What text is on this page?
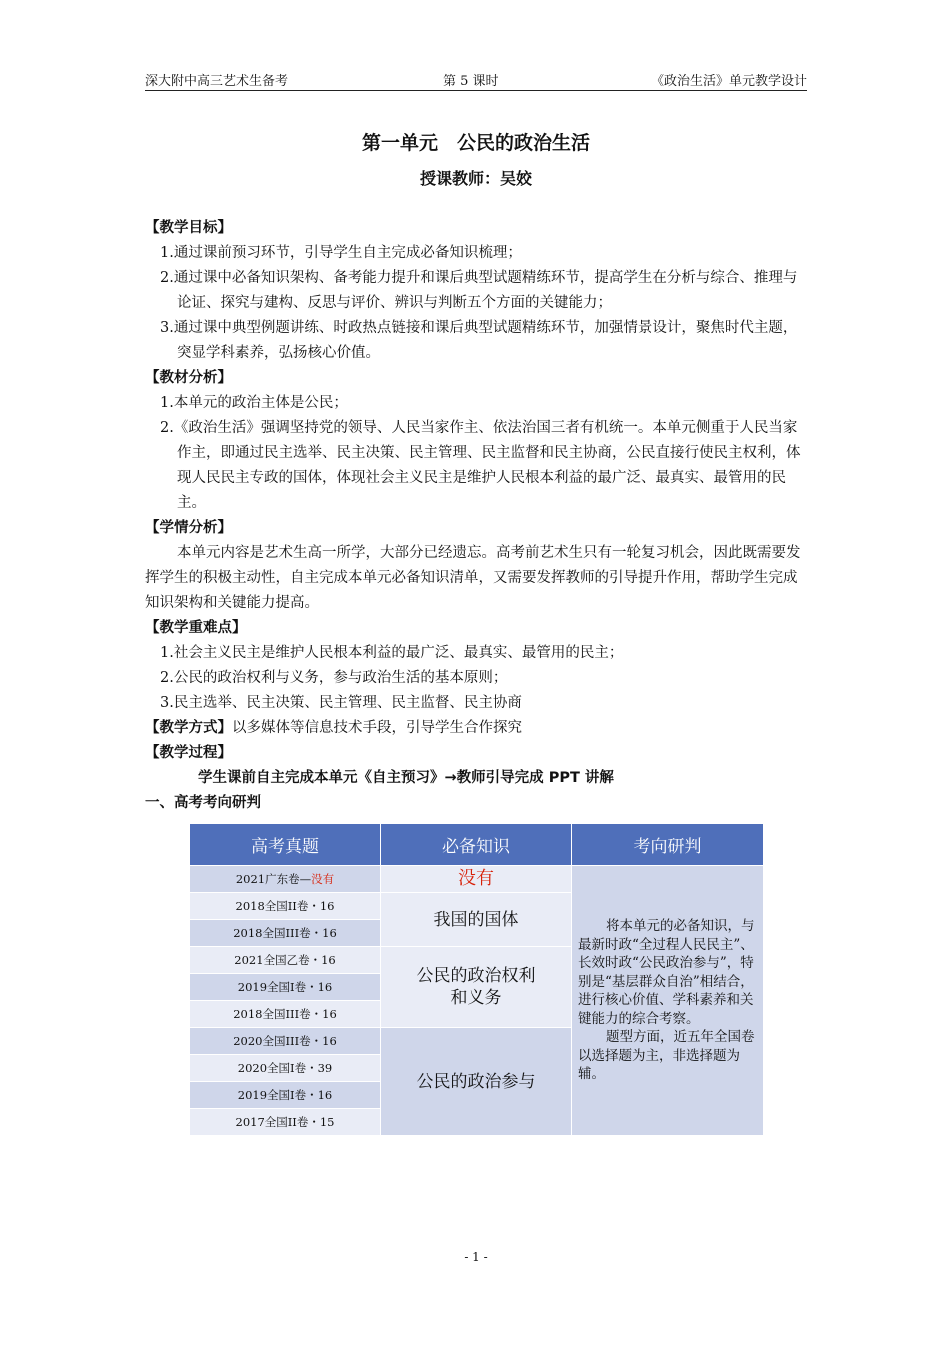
深大附中高三艺术生备考	第 5 课时	《政治生活》单元教学设计
第一单元　公民的政治生活
授课教师：吴姣

【教学目标】

1.通过课前预习环节，引导学生自主完成必备知识梳理；

2.通过课中必备知识架构、备考能力提升和课后典型试题精练环节，提高学生在分析与综合、推理与论证、探究与建构、反思与评价、辨识与判断五个方面的关键能力；

3.通过课中典型例题讲练、时政热点链接和课后典型试题精练环节，加强情景设计，聚焦时代主题，突显学科素养，弘扬核心价值。

【教材分析】

1.本单元的政治主体是公民；

2.《政治生活》强调坚持党的领导、人民当家作主、依法治国三者有机统一。本单元侧重于人民当家作主，即通过民主选举、民主决策、民主管理、民主监督和民主协商，公民直接行使民主权利，体现人民民主专政的国体，体现社会主义民主是维护人民根本利益的最广泛、最真实、最管用的民主。

【学情分析】

本单元内容是艺术生高一所学，大部分已经遗忘。高考前艺术生只有一轮复习机会，因此既需要发挥学生的积极主动性，自主完成本单元必备知识清单，又需要发挥教师的引导提升作用，帮助学生完成知识架构和关键能力提高。

【教学重难点】

1.社会主义民主是维护人民根本利益的最广泛、最真实、最管用的民主；

2.公民的政治权利与义务，参与政治生活的基本原则；

3.民主选举、民主决策、民主管理、民主监督、民主协商

【教学方式】以多媒体等信息技术手段，引导学生合作探究

【教学过程】

学生课前自主完成本单元《自主预习》→教师引导完成 PPT 讲解

一、高考考向研判

高考真题	必备知识	考向研判
2021广东卷—没有	没有	将本单元的必备知识，与最新时政“全过程人民民主”、长效时政“公民政治参与”，特别是“基层群众自治”相结合，进行核心价值、学科素养和关键能力的综合考察。

题型方面，近五年全国卷以选择题为主，非选择题为辅。

2018全国II卷・16	我国的国体	
2018全国III卷・16		
2021全国乙卷・16	公民的政治权利和义务	
2019全国I卷・16		
2018全国III卷・16		
2020全国III卷・16	公民的政治参与	
2020全国I卷・39		
2019全国I卷・16		
2017全国II卷・15		
- 1 -
